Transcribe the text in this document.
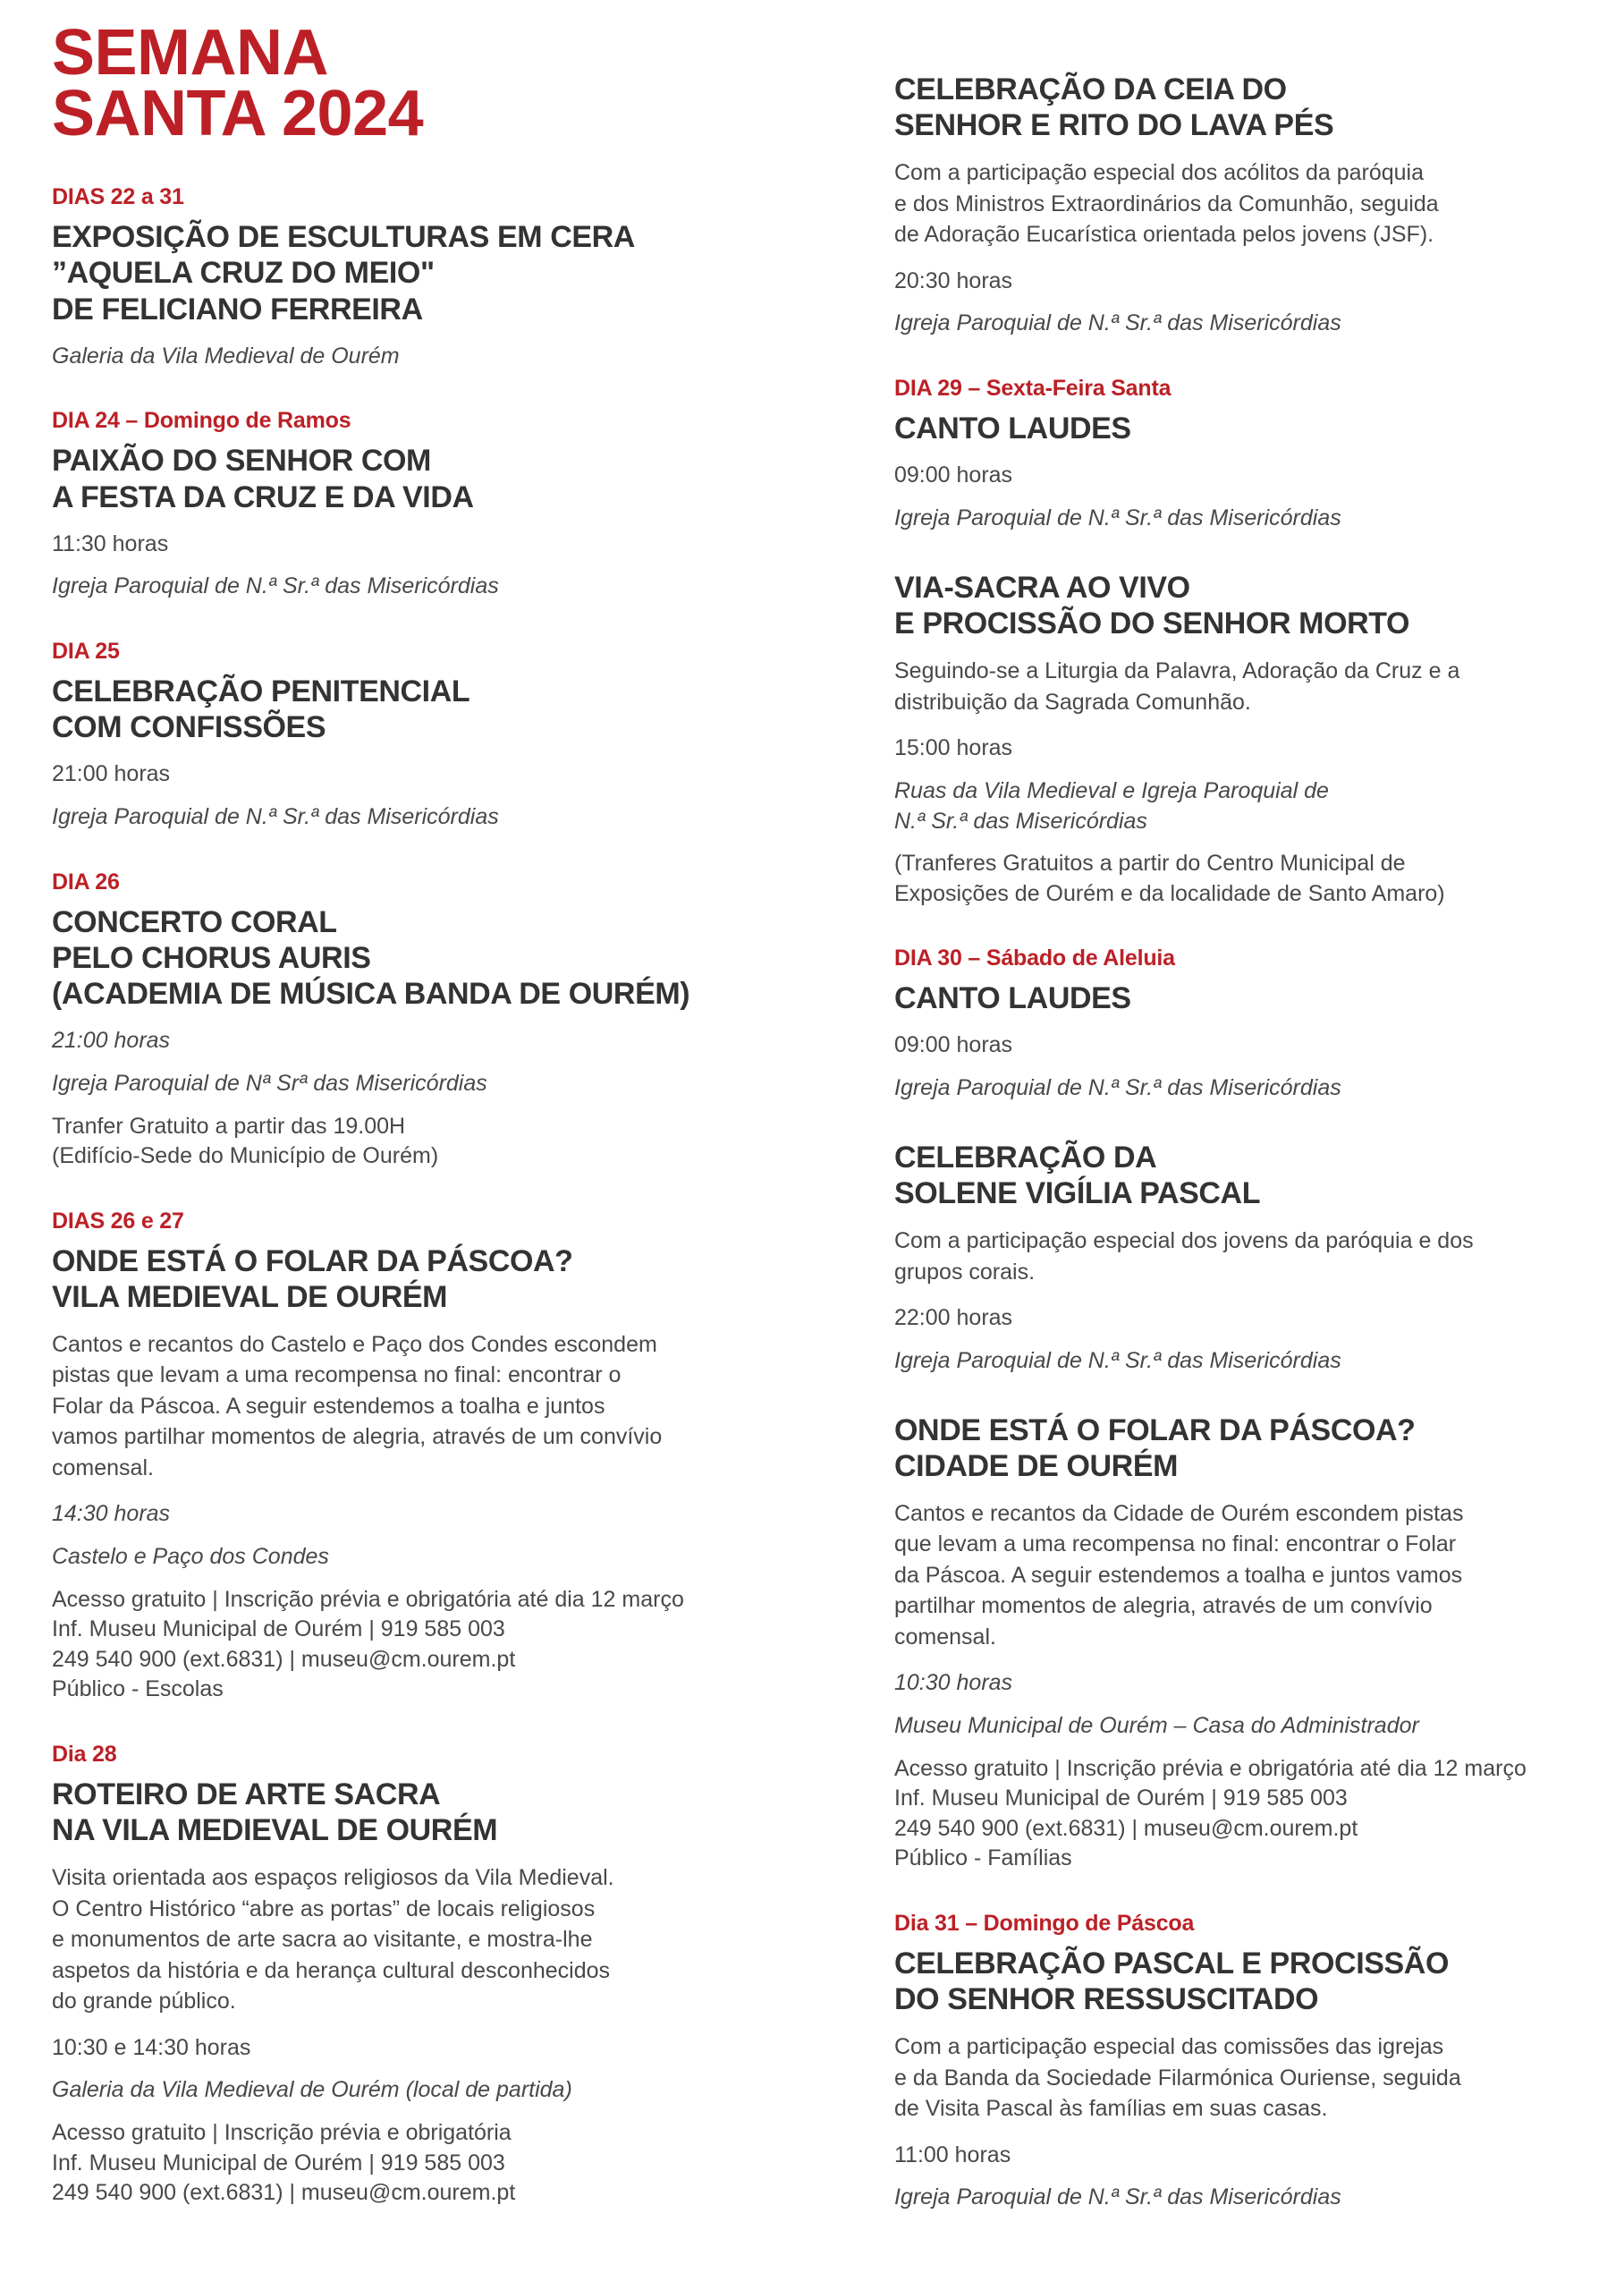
SEMANA
SANTA 2024
DIAS 22 a 31
EXPOSIÇÃO DE ESCULTURAS EM CERA
”AQUELA CRUZ DO MEIO"
DE FELICIANO FERREIRA
Galeria da Vila Medieval de Ourém
DIA 24 – Domingo de Ramos
PAIXÃO DO SENHOR COM
A FESTA DA CRUZ E DA VIDA
11:30 horas
Igreja Paroquial de N.ª Sr.ª das Misericórdias
DIA 25
CELEBRAÇÃO PENITENCIAL
COM CONFISSÕES
21:00 horas
Igreja Paroquial de N.ª Sr.ª das Misericórdias
DIA 26
CONCERTO CORAL
PELO CHORUS AURIS
(ACADEMIA DE MÚSICA BANDA DE OURÉM)
21:00 horas
Igreja Paroquial de Nª Srª das Misericórdias
Tranfer Gratuito a partir das 19.00H
(Edifício-Sede do Município de Ourém)
DIAS 26 e 27
ONDE ESTÁ O FOLAR DA PÁSCOA?
VILA MEDIEVAL DE OURÉM
Cantos e recantos do Castelo e Paço dos Condes escondem
pistas que levam a uma recompensa no final: encontrar o
Folar da Páscoa. A seguir estendemos a toalha e juntos
vamos partilhar momentos de alegria, através de um convívio
comensal.
14:30 horas
Castelo e Paço dos Condes
Acesso gratuito | Inscrição prévia e obrigatória até dia 12 março
Inf. Museu Municipal de Ourém | 919 585 003
249 540 900 (ext.6831) | museu@cm.ourem.pt
Público - Escolas
Dia 28
ROTEIRO DE ARTE SACRA
NA VILA MEDIEVAL DE OURÉM
Visita orientada aos espaços religiosos da Vila Medieval.
O Centro Histórico “abre as portas” de locais religiosos
e monumentos de arte sacra ao visitante, e mostra-lhe
aspetos da história e da herança cultural desconhecidos
do grande público.
10:30 e 14:30 horas
Galeria da Vila Medieval de Ourém (local de partida)
Acesso gratuito | Inscrição prévia e obrigatória
Inf. Museu Municipal de Ourém | 919 585 003
249 540 900 (ext.6831) | museu@cm.ourem.pt
CELEBRAÇÃO DA CEIA DO
SENHOR E RITO DO LAVA PÉS
Com a participação especial dos acólitos da paróquia
e dos Ministros Extraordinários da Comunhão, seguida
de Adoração Eucarística orientada pelos jovens (JSF).
20:30 horas
Igreja Paroquial de N.ª Sr.ª das Misericórdias
DIA 29 – Sexta-Feira Santa
CANTO LAUDES
09:00 horas
Igreja Paroquial de N.ª Sr.ª das Misericórdias
VIA-SACRA AO VIVO
E PROCISSÃO DO SENHOR MORTO
Seguindo-se a Liturgia da Palavra, Adoração da Cruz e a
distribuição da Sagrada Comunhão.
15:00 horas
Ruas da Vila Medieval e Igreja Paroquial de
N.ª Sr.ª das Misericórdias
(Tranferes Gratuitos a partir do Centro Municipal de
Exposições de Ourém e da localidade de Santo Amaro)
DIA 30 – Sábado de Aleluia
CANTO LAUDES
09:00 horas
Igreja Paroquial de N.ª Sr.ª das Misericórdias
CELEBRAÇÃO DA
SOLENE VIGÍLIA PASCAL
Com a participação especial dos jovens da paróquia e dos
grupos corais.
22:00 horas
Igreja Paroquial de N.ª Sr.ª das Misericórdias
ONDE ESTÁ O FOLAR DA PÁSCOA?
CIDADE DE OURÉM
Cantos e recantos da Cidade de Ourém escondem pistas
que levam a uma recompensa no final: encontrar o Folar
da Páscoa. A seguir estendemos a toalha e juntos vamos
partilhar momentos de alegria, através de um convívio
comensal.
10:30 horas
Museu Municipal de Ourém – Casa do Administrador
Acesso gratuito | Inscrição prévia e obrigatória até dia 12 março
Inf. Museu Municipal de Ourém | 919 585 003
249 540 900 (ext.6831) | museu@cm.ourem.pt
Público - Famílias
Dia 31 – Domingo de Páscoa
CELEBRAÇÃO PASCAL E PROCISSÃO
DO SENHOR RESSUSCITADO
Com a participação especial das comissões das igrejas
e da Banda da Sociedade Filarmónica Ouriense, seguida
de Visita Pascal às famílias em suas casas.
11:00 horas
Igreja Paroquial de N.ª Sr.ª das Misericórdias
